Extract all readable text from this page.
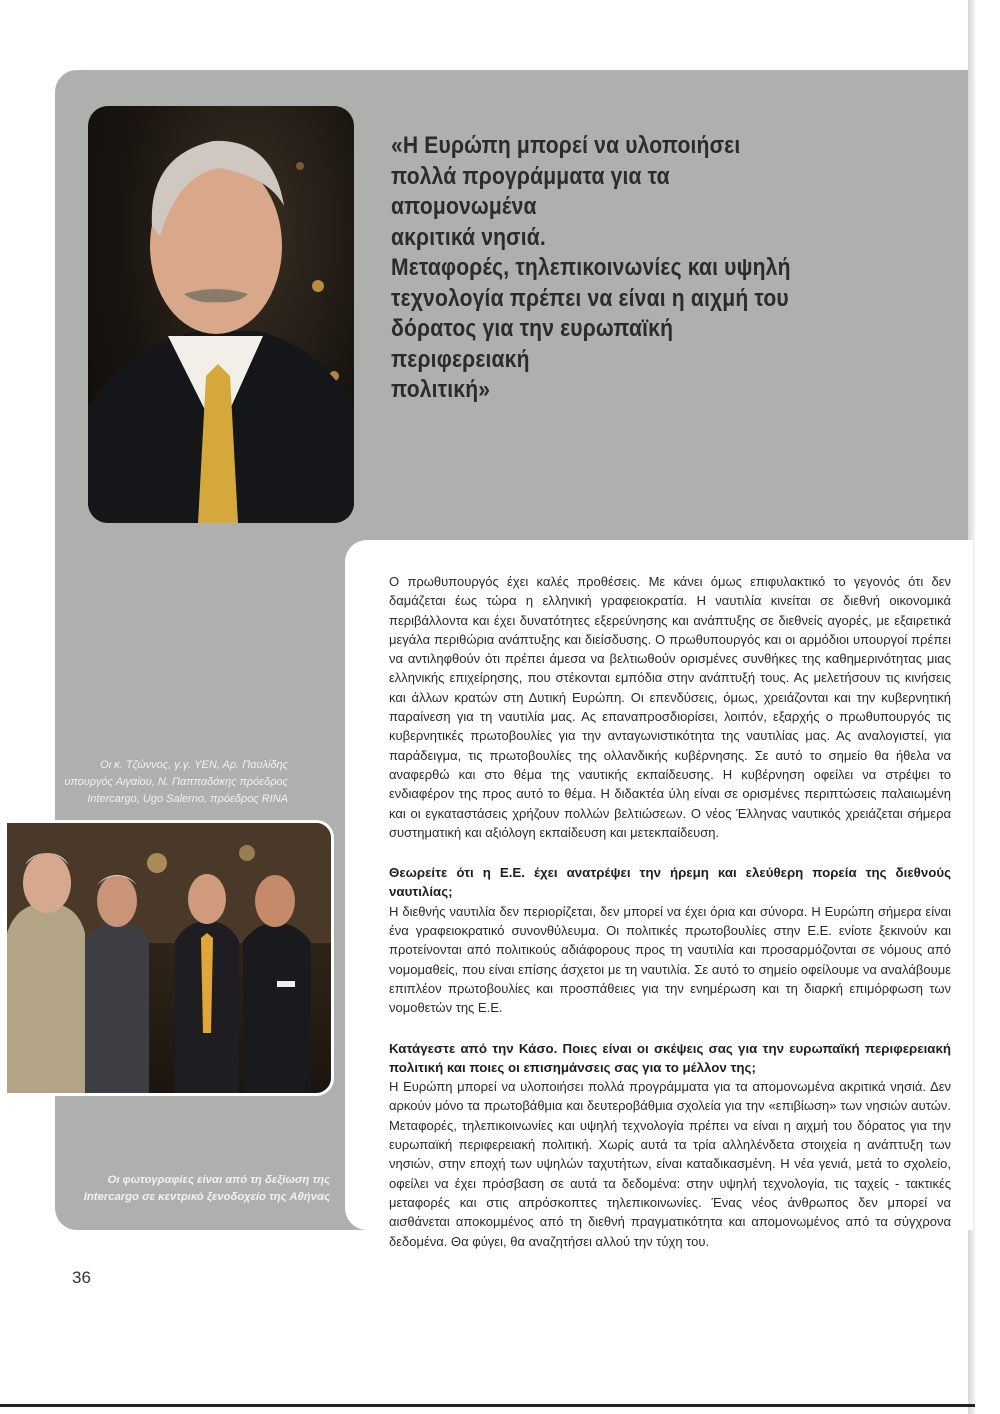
«Η Ευρώπη μπορεί να υλοποιήσει
πολλά προγράμματα για τα απομονωμένα
ακριτικά νησιά.
Μεταφορές, τηλεπικοινωνίες και υψηλή
τεχνολογία πρέπει να είναι η αιχμή του
δόρατος για την ευρωπαϊκή περιφερειακή
πολιτική»
Οι κ. Τζώννος, γ.γ. ΥΕΝ, Αρ. Παυλίδης υπουργός Αιγαίου, Ν. Παππαδάκης πρόεδρος Intercargo, Ugo Salerno, πρόεδρος RINA
Οι φωτογραφίες είναι από τη δεξίωση της Intercargo σε κεντρικό ξενοδοχείο της Αθήνας

Ο πρωθυπουργός έχει καλές προθέσεις. Με κάνει όμως επιφυλακτικό το γεγονός ότι δεν δαμάζεται έως τώρα η ελληνική γραφειοκρατία. Η ναυτιλία κινείται σε διεθνή οικονομικά περιβάλλοντα και έχει δυνατότητες εξερεύνησης και ανάπτυξης σε διεθνείς αγορές, με εξαιρετικά μεγάλα περιθώρια ανάπτυξης και διείσδυσης. Ο πρωθυπουργός και οι αρμόδιοι υπουργοί πρέπει να αντιληφθούν ότι πρέπει άμεσα να βελτιωθούν ορισμένες συνθήκες της καθημερινότητας μιας ελληνικής επιχείρησης, που στέκονται εμπόδια στην ανάπτυξή τους. Ας μελετήσουν τις κινήσεις και άλλων κρατών στη Δυτική Ευρώπη. Οι επενδύσεις, όμως, χρειάζονται και την κυβερνητική παραίνεση για τη ναυτιλία μας. Ας επαναπροσδιορίσει, λοιπόν, εξαρχής ο πρωθυπουργός τις κυβερνητικές πρωτοβουλίες για την ανταγωνιστικότητα της ναυτιλίας μας. Ας αναλογιστεί, για παράδειγμα, τις πρωτοβουλίες της ολλανδικής κυβέρνησης. Σε αυτό το σημείο θα ήθελα να αναφερθώ και στο θέμα της ναυτικής εκπαίδευσης. Η κυβέρνηση οφείλει να στρέψει το ενδιαφέρον της προς αυτό το θέμα. Η διδακτέα ύλη είναι σε ορισμένες περιπτώσεις παλαιωμένη και οι εγκαταστάσεις χρήζουν πολλών βελτιώσεων. Ο νέος Έλληνας ναυτικός χρειάζεται σήμερα συστηματική και αξιόλογη εκπαίδευση και μετεκπαίδευση.

Θεωρείτε ότι η Ε.Ε. έχει ανατρέψει την ήρεμη και ελεύθερη πορεία της διεθνούς ναυτιλίας;

Η διεθνής ναυτιλία δεν περιορίζεται, δεν μπορεί να έχει όρια και σύνορα. Η Ευρώπη σήμερα είναι ένα γραφειοκρατικό συνονθύλευμα. Οι πολιτικές πρωτοβουλίες στην Ε.Ε. ενίοτε ξεκινούν και προτείνονται από πολιτικούς αδιάφορους προς τη ναυτιλία και προσαρμόζονται σε νόμους από νομομαθείς, που είναι επίσης άσχετοι με τη ναυτιλία. Σε αυτό το σημείο οφείλουμε να αναλάβουμε επιπλέον πρωτοβουλίες και προσπάθειες για την ενημέρωση και τη διαρκή επιμόρφωση των νομοθετών της Ε.Ε.

Κατάγεστε από την Κάσο. Ποιες είναι οι σκέψεις σας για την ευρωπαϊκή περιφερειακή πολιτική και ποιες οι επισημάνσεις σας για το μέλλον της;

Η Ευρώπη μπορεί να υλοποιήσει πολλά προγράμματα για τα απομονωμένα ακριτικά νησιά. Δεν αρκούν μόνο τα πρωτοβάθμια και δευτεροβάθμια σχολεία για την «επιβίωση» των νησιών αυτών. Μεταφορές, τηλεπικοινωνίες και υψηλή τεχνολογία πρέπει να είναι η αιχμή του δόρατος για την ευρωπαϊκή περιφερειακή πολιτική. Χωρίς αυτά τα τρία αλληλένδετα στοιχεία η ανάπτυξη των νησιών, στην εποχή των υψηλών ταχυτήτων, είναι καταδικασμένη. Η νέα γενιά, μετά το σχολείο, οφείλει να έχει πρόσβαση σε αυτά τα δεδομένα: στην υψηλή τεχνολογία, τις ταχείς - τακτικές μεταφορές και στις απρόσκοπτες τηλεπικοινωνίες. Ένας νέος άνθρωπος δεν μπορεί να αισθάνεται αποκομμένος από τη διεθνή πραγματικότητα και απομονωμένος από τα σύγχρονα δεδομένα. Θα φύγει, θα αναζητήσει αλλού την τύχη του.

36
